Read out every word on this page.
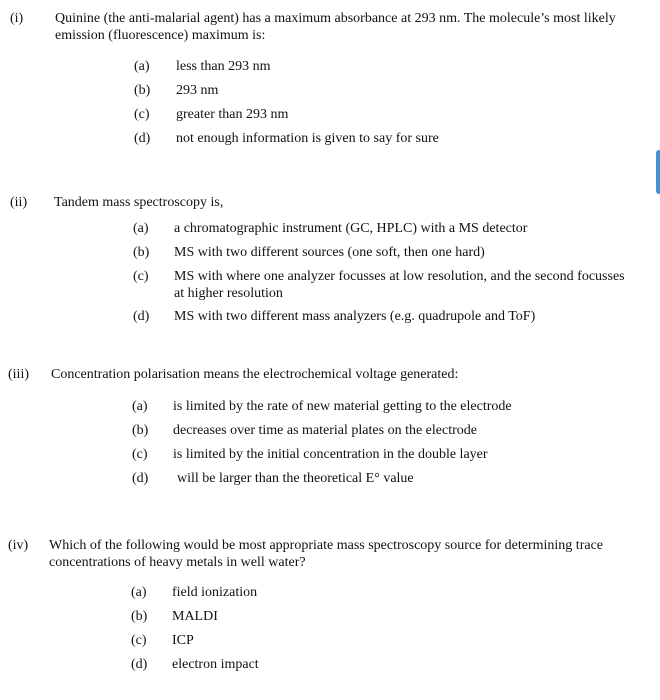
(i) Quinine (the anti-malarial agent) has a maximum absorbance at 293 nm. The molecule’s most likely emission (fluorescence) maximum is:
(a) less than 293 nm
(b) 293 nm
(c) greater than 293 nm
(d) not enough information is given to say for sure
(ii) Tandem mass spectroscopy is,
(a) a chromatographic instrument (GC, HPLC) with a MS detector
(b) MS with two different sources (one soft, then one hard)
(c) MS with where one analyzer focusses at low resolution, and the second focusses at higher resolution
(d) MS with two different mass analyzers (e.g. quadrupole and ToF)
(iii) Concentration polarisation means the electrochemical voltage generated:
(a) is limited by the rate of new material getting to the electrode
(b) decreases over time as material plates on the electrode
(c) is limited by the initial concentration in the double layer
(d) will be larger than the theoretical E° value
(iv) Which of the following would be most appropriate mass spectroscopy source for determining trace concentrations of heavy metals in well water?
(a) field ionization
(b) MALDI
(c) ICP
(d) electron impact
